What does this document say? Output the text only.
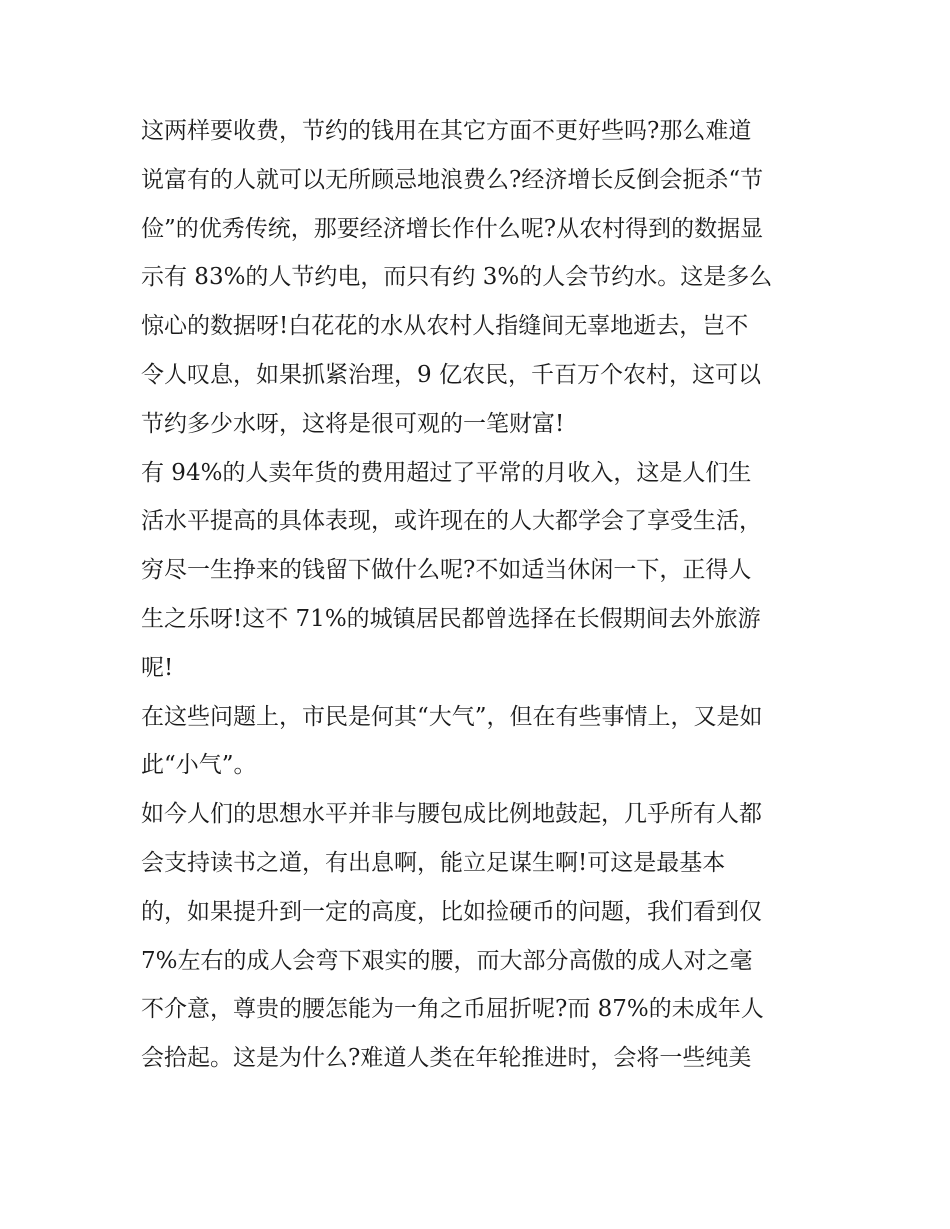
这两样要收费，节约的钱用在其它方面不更好些吗?那么难道
说富有的人就可以无所顾忌地浪费么?经济增长反倒会扼杀“节
俭”的优秀传统，那要经济增长作什么呢?从农村得到的数据显
示有 83%的人节约电，而只有约 3%的人会节约水。这是多么
惊心的数据呀!白花花的水从农村人指缝间无辜地逝去，岂不
令人叹息，如果抓紧治理，9 亿农民，千百万个农村，这可以
节约多少水呀，这将是很可观的一笔财富!
有 94%的人卖年货的费用超过了平常的月收入，这是人们生
活水平提高的具体表现，或许现在的人大都学会了享受生活，
穷尽一生挣来的钱留下做什么呢?不如适当休闲一下，正得人
生之乐呀!这不 71%的城镇居民都曾选择在长假期间去外旅游
呢!
在这些问题上，市民是何其“大气”，但在有些事情上，又是如
此“小气”。
如今人们的思想水平并非与腰包成比例地鼓起，几乎所有人都
会支持读书之道，有出息啊，能立足谋生啊!可这是最基本
的，如果提升到一定的高度，比如捡硬币的问题，我们看到仅
7%左右的成人会弯下艰实的腰，而大部分高傲的成人对之毫
不介意，尊贵的腰怎能为一角之币屈折呢?而 87%的未成年人
会拾起。这是为什么?难道人类在年轮推进时，会将一些纯美
